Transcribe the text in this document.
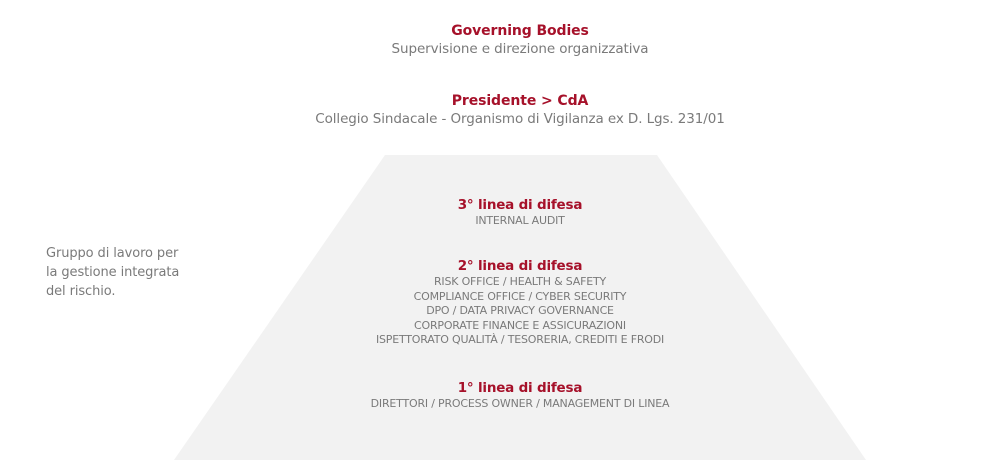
Governing Bodies
Supervisione e direzione organizzativa
Presidente > CdA
Collegio Sindacale - Organismo di Vigilanza ex D. Lgs. 231/01
Gruppo di lavoro per
la gestione integrata
del rischio.
3° linea di difesa
INTERNAL AUDIT
2° linea di difesa
RISK OFFICE / HEALTH & SAFETY
COMPLIANCE OFFICE / CYBER SECURITY
DPO / DATA PRIVACY GOVERNANCE
CORPORATE FINANCE E ASSICURAZIONI
ISPETTORATO QUALITÀ / TESORERIA, CREDITI E FRODI
1° linea di difesa
DIRETTORI / PROCESS OWNER / MANAGEMENT DI LINEA
